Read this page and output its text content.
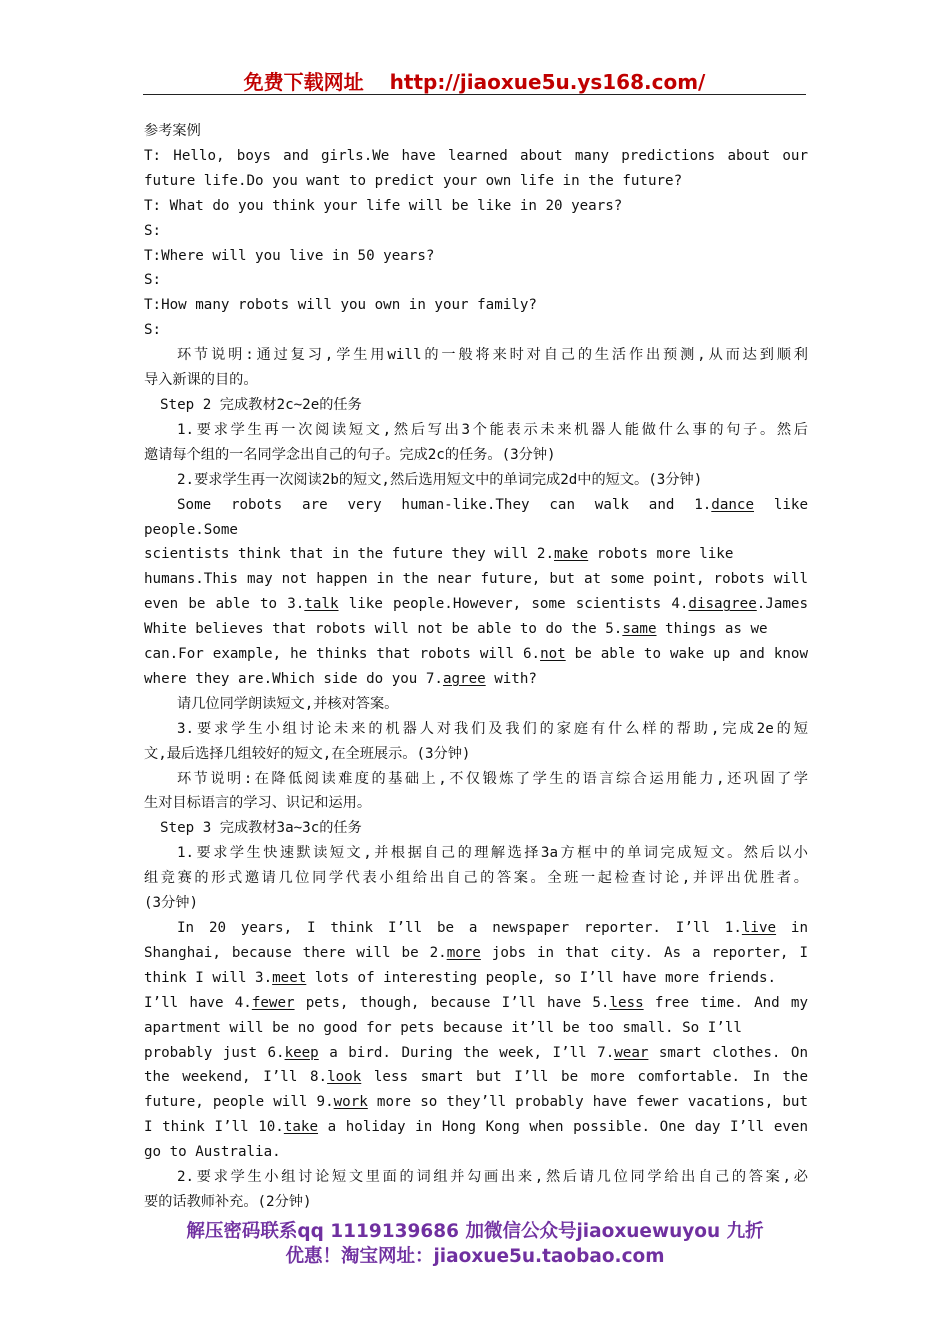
免费下载网址 http://jiaoxue5u.ys168.com/

参考案例

T: Hello, boys and girls.We have learned about many predictions about our

future life.Do you want to predict your own life in the future?

T: What do you think your life will be like in 20 years?

S:

T:Where will you live in 50 years?

S:

T:How many robots will you own in your family?

S:

环节说明:通过复习,学生用will的一般将来时对自己的生活作出预测,从而达到顺利

导入新课的目的。

Step 2 完成教材2c~2e的任务

1.要求学生再一次阅读短文,然后写出3个能表示未来机器人能做什么事的句子。然后

邀请每个组的一名同学念出自己的句子。完成2c的任务。(3分钟)

2.要求学生再一次阅读2b的短文,然后选用短文中的单词完成2d中的短文。(3分钟)

Some robots are very human-like.They can walk and 1.dance like people.Some

scientists think that in the future they will 2.make robots more like

humans.This may not happen in the near future, but at some point, robots will

even be able to 3.talk like people.However, some scientists 4.disagree.James

White believes that robots will not be able to do the 5.same things as we

can.For example, he thinks that robots will 6.not be able to wake up and know

where they are.Which side do you 7.agree with?

请几位同学朗读短文,并核对答案。

3.要求学生小组讨论未来的机器人对我们及我们的家庭有什么样的帮助,完成2e的短

文,最后选择几组较好的短文,在全班展示。(3分钟)

环节说明:在降低阅读难度的基础上,不仅锻炼了学生的语言综合运用能力,还巩固了学

生对目标语言的学习、识记和运用。

Step 3 完成教材3a~3c的任务

1.要求学生快速默读短文,并根据自己的理解选择3a方框中的单词完成短文。然后以小

组竞赛的形式邀请几位同学代表小组给出自己的答案。全班一起检查讨论,并评出优胜者。

(3分钟)

In 20 years, I think I’ll be a newspaper reporter. I’ll 1.live in

Shanghai, because there will be 2.more jobs in that city. As a reporter, I

think I will 3.meet lots of interesting people, so I’ll have more friends.

I’ll have 4.fewer pets, though, because I’ll have 5.less free time. And my

apartment will be no good for pets because it’ll be too small. So I’ll

probably just 6.keep a bird. During the week, I’ll 7.wear smart clothes. On

the weekend, I’ll 8.look less smart but I’ll be more comfortable. In the

future, people will 9.work more so they’ll probably have fewer vacations, but

I think I’ll 10.take a holiday in Hong Kong when possible. One day I’ll even

go to Australia.

2.要求学生小组讨论短文里面的词组并勾画出来,然后请几位同学给出自己的答案,必

要的话教师补充。(2分钟)

解压密码联系qq 1119139686 加微信公众号jiaoxuewuyou 九折
优惠！淘宝网址：jiaoxue5u.taobao.com
